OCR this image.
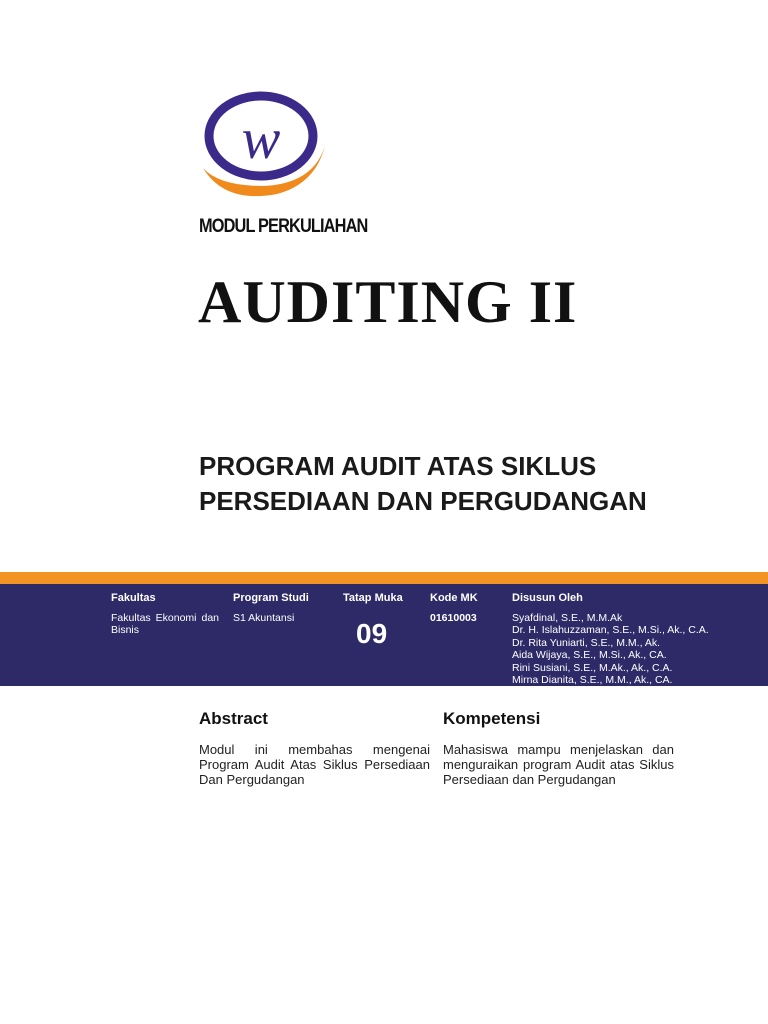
w
MODUL PERKULIAHAN
AUDITING II
PROGRAM AUDIT ATAS SIKLUS PERSEDIAAN DAN PERGUDANGAN
Fakultas
Fakultas Ekonomi dan Bisnis
Program Studi
S1 Akuntansi
Tatap Muka
09
Kode MK
01610003
Disusun Oleh
Syafdinal, S.E., M.M.Ak
Dr. H. Islahuzzaman, S.E., M.Si., Ak., C.A.
Dr. Rita Yuniarti, S.E., M.M., Ak.
Aida Wijaya, S.E., M.Si., Ak., CA.
Rini Susiani, S.E., M.Ak., Ak., C.A.
Mirna Dianita, S.E., M.M., Ak., CA.
Abstract
Modul ini membahas mengenai Program Audit Atas Siklus Persediaan Dan Pergudangan
Kompetensi
Mahasiswa mampu menjelaskan dan menguraikan program Audit atas Siklus Persediaan dan Pergudangan
